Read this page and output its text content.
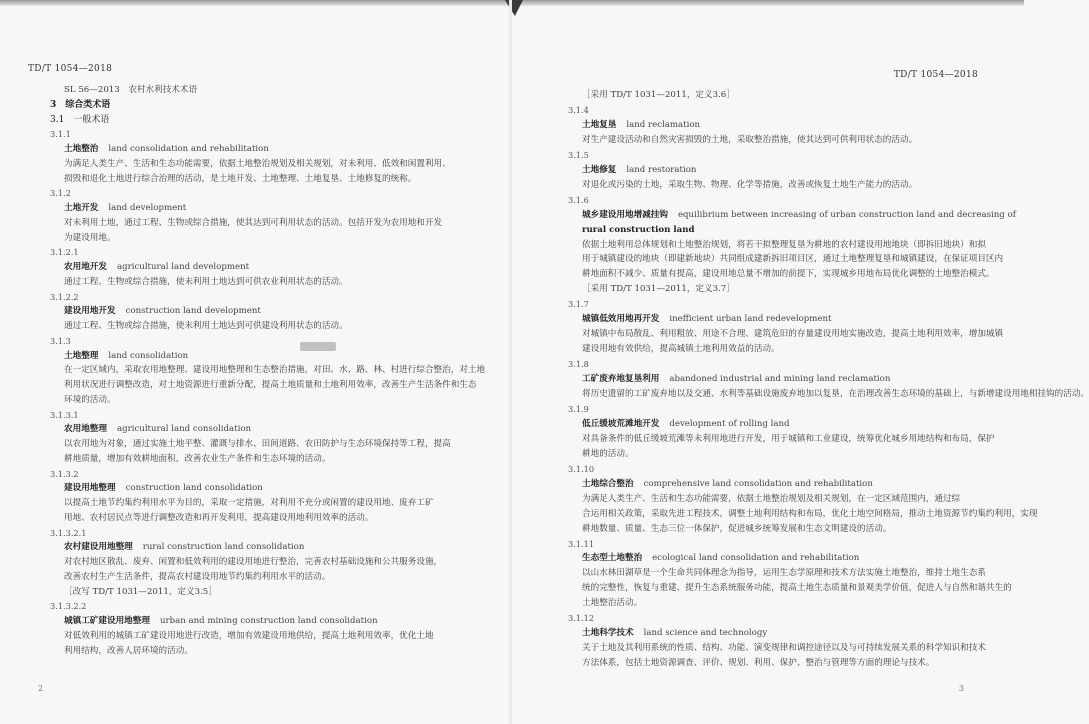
TD/T 1054—2018
SL 56—2013　农村水利技术术语
3　综合类术语
3.1　一般术语
3.1.1
土地整治 land consolidation and rehabilitation
为满足人类生产、生活和生态功能需要，依据土地整治规划及相关规划，对未利用、低效和闲置利用、
损毁和退化土地进行综合治理的活动，是土地开发、土地整理、土地复垦、土地修复的统称。
3.1.2
土地开发 land development
对未利用土地，通过工程、生物或综合措施，使其达到可利用状态的活动。包括开发为农用地和开发
为建设用地。
3.1.2.1
农用地开发 agricultural land development
通过工程、生物或综合措施，使未利用土地达到可供农业利用状态的活动。
3.1.2.2
建设用地开发 construction land development
通过工程、生物或综合措施，使未利用土地达到可供建设利用状态的活动。
3.1.3
土地整理 land consolidation
在一定区域内，采取农用地整理、建设用地整理和生态整治措施，对田、水、路、林、村进行综合整治，对土地
利用状况进行调整改造，对土地资源进行重新分配，提高土地质量和土地利用效率，改善生产生活条件和生态
环境的活动。
3.1.3.1
农用地整理 agricultural land consolidation
以农用地为对象，通过实施土地平整、灌溉与排水、田间道路、农田防护与生态环境保持等工程，提高
耕地质量，增加有效耕地面积，改善农业生产条件和生态环境的活动。
3.1.3.2
建设用地整理 construction land consolidation
以提高土地节约集约利用水平为目的，采取一定措施，对利用不充分或闲置的建设用地、废弃工矿
用地、农村居民点等进行调整改造和再开发利用，提高建设用地利用效率的活动。
3.1.3.2.1
农村建设用地整理 rural construction land consolidation
对农村地区散乱、废弃、闲置和低效利用的建设用地进行整治，完善农村基础设施和公共服务设施，
改善农村生产生活条件，提高农村建设用地节约集约利用水平的活动。
［改写 TD/T 1031—2011，定义3.5］
3.1.3.2.2
城镇工矿建设用地整理 urban and mining construction land consolidation
对低效利用的城镇工矿建设用地进行改造，增加有效建设用地供给，提高土地利用效率，优化土地
利用结构，改善人居环境的活动。
2
TD/T 1054—2018
［采用 TD/T 1031—2011，定义3.6］
3.1.4
土地复垦 land reclamation
对生产建设活动和自然灾害损毁的土地，采取整治措施，使其达到可供利用状态的活动。
3.1.5
土地修复 land restoration
对退化或污染的土地，采取生物、物理、化学等措施，改善或恢复土地生产能力的活动。
3.1.6
城乡建设用地增减挂钩 equilibrium between increasing of urban construction land and decreasing of
rural construction land
依据土地利用总体规划和土地整治规划，将若干拟整理复垦为耕地的农村建设用地地块（即拆旧地块）和拟
用于城镇建设的地块（即建新地块）共同组成建新拆旧项目区，通过土地整理复垦和城镇建设，在保证项目区内
耕地面积不减少、质量有提高，建设用地总量不增加的前提下，实现城乡用地布局优化调整的土地整治模式。
［采用 TD/T 1031—2011，定义3.7］
3.1.7
城镇低效用地再开发 inefficient urban land redevelopment
对城镇中布局散乱、利用粗放、用途不合理、建筑危旧的存量建设用地实施改造，提高土地利用效率，增加城镇
建设用地有效供给，提高城镇土地利用效益的活动。
3.1.8
工矿废弃地复垦利用 abandoned industrial and mining land reclamation
将历史遗留的工矿废弃地以及交通、水利等基础设施废弃地加以复垦，在治理改善生态环境的基础上，与新增建设用地相挂钩的活动。
3.1.9
低丘缓坡荒滩地开发 development of rolling land
对具备条件的低丘缓坡荒滩等未利用地进行开发，用于城镇和工业建设，统筹优化城乡用地结构和布局，保护
耕地的活动。
3.1.10
土地综合整治 comprehensive land consolidation and rehabilitation
为满足人类生产、生活和生态功能需要，依据土地整治规划及相关规划，在一定区域范围内，通过综
合运用相关政策，采取先进工程技术，调整土地利用结构和布局，优化土地空间格局，推动土地资源节约集约利用，实现
耕地数量、质量、生态三位一体保护，促进城乡统筹发展和生态文明建设的活动。
3.1.11
生态型土地整治 ecological land consolidation and rehabilitation
以山水林田湖草是一个生命共同体理念为指导，运用生态学原理和技术方法实施土地整治，维持土地生态系
统的完整性，恢复与重建、提升生态系统服务功能，提高土地生态质量和景观美学价值，促进人与自然和谐共生的
土地整治活动。
3.1.12
土地科学技术 land science and technology
关于土地及其利用系统的性质、结构、功能、演变规律和调控途径以及与可持续发展关系的科学知识和技术
方法体系，包括土地资源调查、评价、规划、利用、保护、整治与管理等方面的理论与技术。
3
